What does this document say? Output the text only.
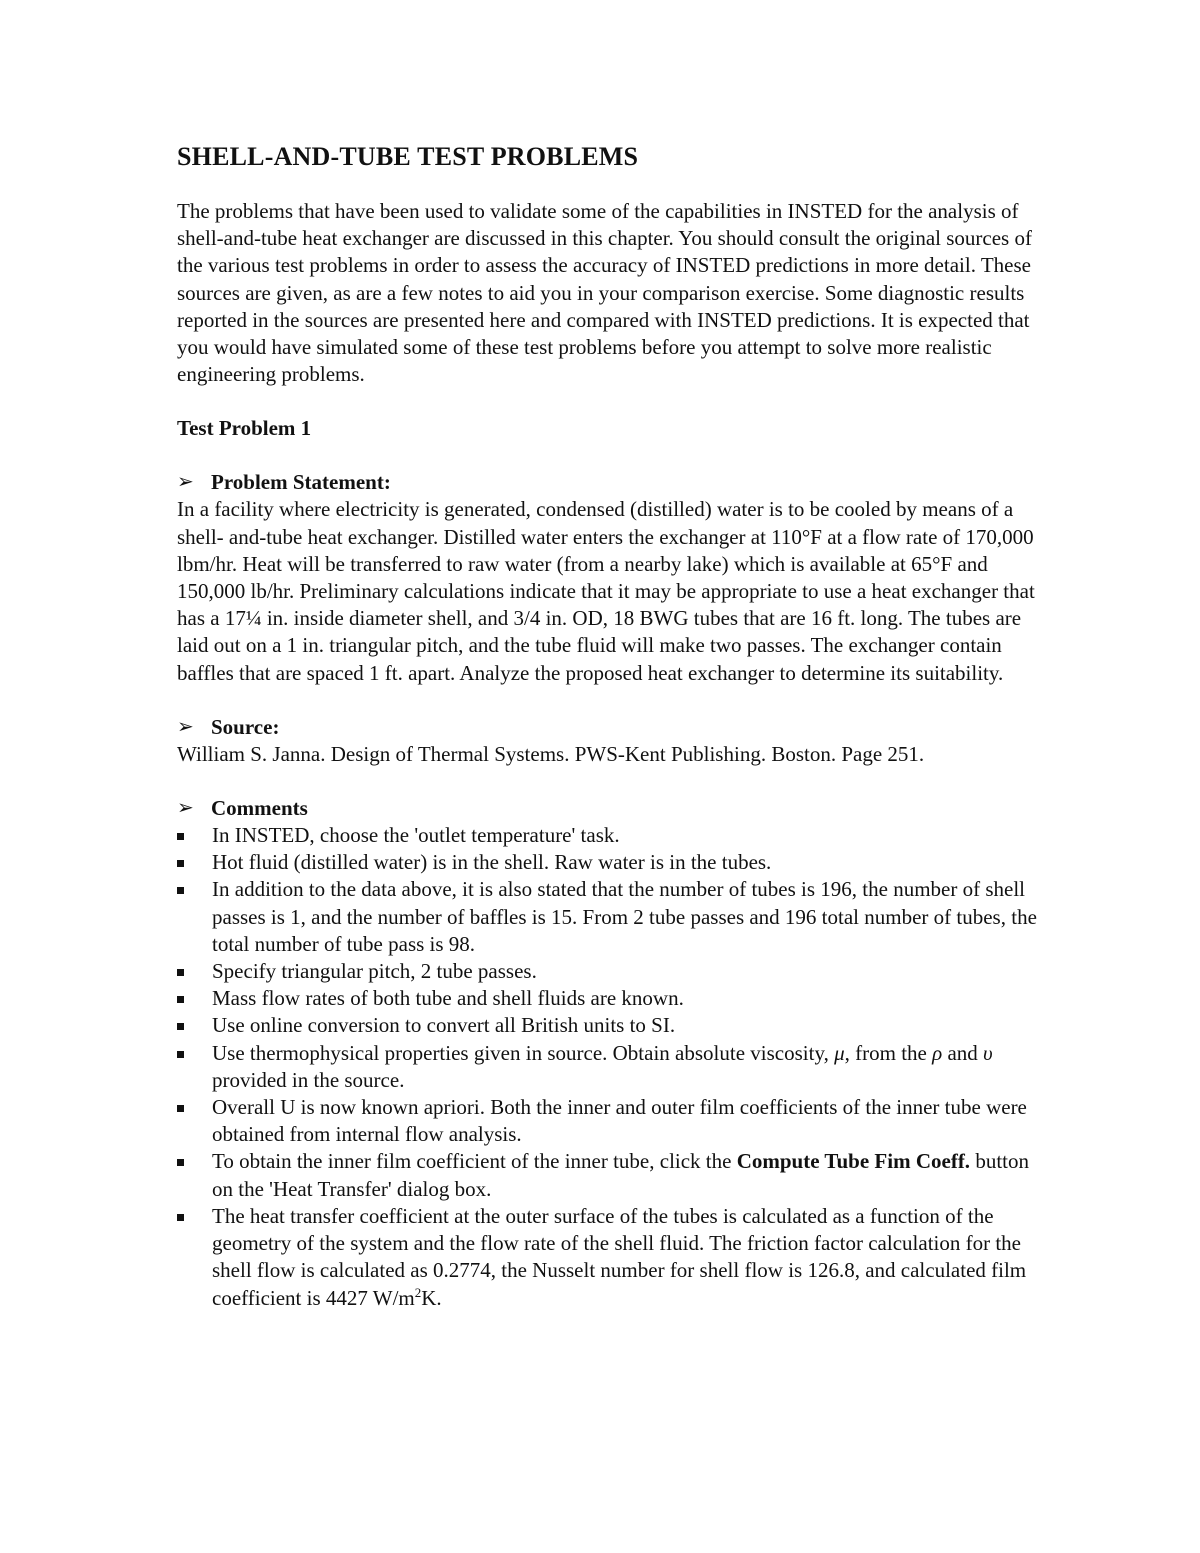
SHELL-AND-TUBE TEST PROBLEMS

The problems that have been used to validate some of the capabilities in INSTED for the analysis of shell-and-tube heat exchanger are discussed in this chapter. You should consult the original sources of the various test problems in order to assess the accuracy of INSTED predictions in more detail. These sources are given, as are a few notes to aid you in your comparison exercise. Some diagnostic results reported in the sources are presented here and compared with INSTED predictions. It is expected that you would have simulated some of these test problems before you attempt to solve more realistic engineering problems.

Test Problem 1

➢ Problem Statement:

In a facility where electricity is generated, condensed (distilled) water is to be cooled by means of a shell- and-tube heat exchanger. Distilled water enters the exchanger at 110°F at a flow rate of 170,000 lbm/hr. Heat will be transferred to raw water (from a nearby lake) which is available at 65°F and 150,000 lb/hr. Preliminary calculations indicate that it may be appropriate to use a heat exchanger that has a 17¼ in. inside diameter shell, and 3/4 in. OD, 18 BWG tubes that are 16 ft. long. The tubes are laid out on a 1 in. triangular pitch, and the tube fluid will make two passes. The exchanger contain baffles that are spaced 1 ft. apart. Analyze the proposed heat exchanger to determine its suitability.

➢ Source:

William S. Janna. Design of Thermal Systems. PWS-Kent Publishing. Boston. Page 251.

➢ Comments
In INSTED, choose the 'outlet temperature' task.
Hot fluid (distilled water) is in the shell. Raw water is in the tubes.
In addition to the data above, it is also stated that the number of tubes is 196, the number of shell passes is 1, and the number of baffles is 15. From 2 tube passes and 196 total number of tubes, the total number of tube pass is 98.
Specify triangular pitch, 2 tube passes.
Mass flow rates of both tube and shell fluids are known.
Use online conversion to convert all British units to SI.
Use thermophysical properties given in source. Obtain absolute viscosity, μ, from the ρ and υ provided in the source.
Overall U is now known apriori. Both the inner and outer film coefficients of the inner tube were obtained from internal flow analysis.
To obtain the inner film coefficient of the inner tube, click the Compute Tube Fim Coeff. button on the 'Heat Transfer' dialog box.
The heat transfer coefficient at the outer surface of the tubes is calculated as a function of the geometry of the system and the flow rate of the shell fluid. The friction factor calculation for the shell flow is calculated as 0.2774, the Nusselt number for shell flow is 126.8, and calculated film coefficient is 4427 $W/m^2K$.
